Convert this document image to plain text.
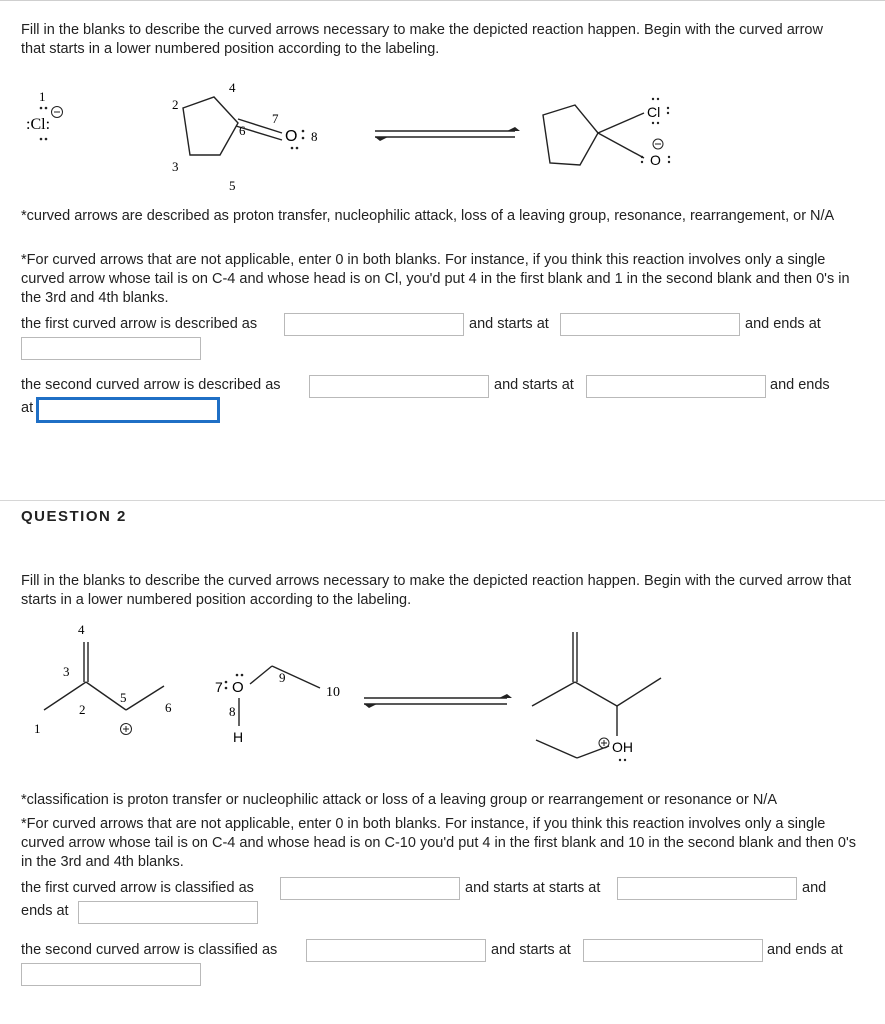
Fill in the blanks to describe the curved arrows necessary to make the depicted reaction happen. Begin with the curved arrow that starts in a lower numbered position according to the labeling.

1
:Cl:
2
4
7
6
3
5
O 8
Cl
O

*curved arrows are described as proton transfer, nucleophilic attack, loss of a leaving group, resonance, rearrangement, or N/A

*For curved arrows that are not applicable, enter 0 in both blanks. For instance, if you think this reaction involves only a single curved arrow whose tail is on C-4 and whose head is on Cl, you'd put 4 in the first blank and 1 in the second blank and then 0's in the 3rd and 4th blanks.

the first curved arrow is described as	and starts at	and ends at
the second curved arrow is described as	and starts at	and ends
at
QUESTION 2

Fill in the blanks to describe the curved arrows necessary to make the depicted reaction happen. Begin with the curved arrow that starts in a lower numbered position according to the labeling.

4
3
1
2
5
6
7 O
9
10
8
H
OH

*classification is proton transfer or nucleophilic attack or loss of a leaving group or rearrangement or resonance or N/A

*For curved arrows that are not applicable, enter 0 in both blanks. For instance, if you think this reaction involves only a single curved arrow whose tail is on C-4 and whose head is on C-10 you'd put 4 in the first blank and 10 in the second blank and then 0's in the 3rd and 4th blanks.

the first curved arrow is classified as	and starts at starts at	and
ends at
the second curved arrow is classified as	and starts at	and ends at
